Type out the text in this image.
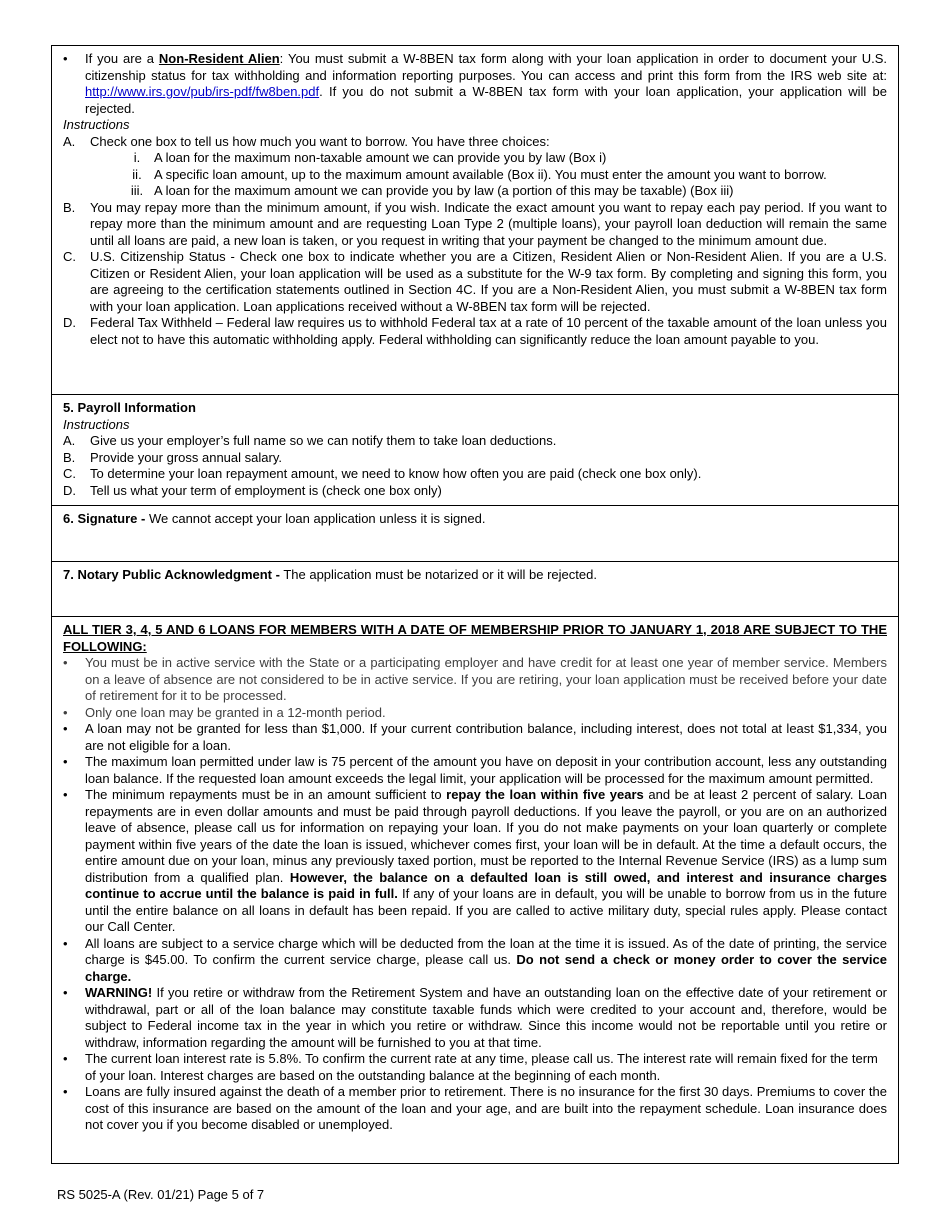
•	If you are a Non-Resident Alien: You must submit a W-8BEN tax form along with your loan application in order to document your U.S. citizenship status for tax withholding and information reporting purposes. You can access and print this form from the IRS web site at: http://www.irs.gov/pub/irs-pdf/fw8ben.pdf. If you do not submit a W-8BEN tax form with your loan application, your application will be rejected.

Instructions

A.	Check one box to tell us how much you want to borrow. You have three choices:

i.	A loan for the maximum non-taxable amount we can provide you by law (Box i)

ii. A specific loan amount, up to the maximum amount available (Box ii). You must enter the amount you want to borrow.

iii. A loan for the maximum amount we can provide you by law (a portion of this may be taxable) (Box iii)

B.	You may repay more than the minimum amount, if you wish. Indicate the exact amount you want to repay each pay period. If you want to repay more than the minimum amount and are requesting Loan Type 2 (multiple loans), your payroll loan deduction will remain the same until all loans are paid, a new loan is taken, or you request in writing that your payment be changed to the minimum amount due.

C.	U.S. Citizenship Status - Check one box to indicate whether you are a Citizen, Resident Alien or Non-Resident Alien. If you are a U.S. Citizen or Resident Alien, your loan application will be used as a substitute for the W-9 tax form. By completing and signing this form, you are agreeing to the certification statements outlined in Section 4C. If you are a Non-Resident Alien, you must submit a W-8BEN tax form with your loan application. Loan applications received without a W-8BEN tax form will be rejected.

D.	Federal Tax Withheld – Federal law requires us to withhold Federal tax at a rate of 10 percent of the taxable amount of the loan unless you elect not to have this automatic withholding apply. Federal withholding can significantly reduce the loan amount payable to you.

5. Payroll Information

Instructions

A.	Give us your employer’s full name so we can notify them to take loan deductions.

B.	Provide your gross annual salary.

C.	To determine your loan repayment amount, we need to know how often you are paid (check one box only).

D.	Tell us what your term of employment is (check one box only)

6. Signature - We cannot accept your loan application unless it is signed.

7. Notary Public Acknowledgment - The application must be notarized or it will be rejected.

ALL TIER 3, 4, 5 AND 6 LOANS FOR MEMBERS WITH A DATE OF MEMBERSHIP PRIOR TO JANUARY 1, 2018 ARE SUBJECT TO THE FOLLOWING:

•	You must be in active service with the State or a participating employer and have credit for at least one year of member service. Members on a leave of absence are not considered to be in active service. If you are retiring, your loan application must be received before your date of retirement for it to be processed.

•	Only one loan may be granted in a 12-month period.

•	A loan may not be granted for less than $1,000. If your current contribution balance, including interest, does not total at least $1,334, you are not eligible for a loan.

•	The maximum loan permitted under law is 75 percent of the amount you have on deposit in your contribution account, less any outstanding loan balance. If the requested loan amount exceeds the legal limit, your application will be processed for the maximum amount permitted.

•	The minimum repayments must be in an amount sufficient to repay the loan within five years and be at least 2 percent of salary. Loan repayments are in even dollar amounts and must be paid through payroll deductions. If you leave the payroll, or you are on an authorized leave of absence, please call us for information on repaying your loan. If you do not make payments on your loan quarterly or complete payment within five years of the date the loan is issued, whichever comes first, your loan will be in default. At the time a default occurs, the entire amount due on your loan, minus any previously taxed portion, must be reported to the Internal Revenue Service (IRS) as a lump sum distribution from a qualified plan. However, the balance on a defaulted loan is still owed, and interest and insurance charges continue to accrue until the balance is paid in full. If any of your loans are in default, you will be unable to borrow from us in the future until the entire balance on all loans in default has been repaid. If you are called to active military duty, special rules apply. Please contact our Call Center.

•	All loans are subject to a service charge which will be deducted from the loan at the time it is issued. As of the date of printing, the service charge is $45.00. To confirm the current service charge, please call us. Do not send a check or money order to cover the service charge.

•	WARNING! If you retire or withdraw from the Retirement System and have an outstanding loan on the effective date of your retirement or withdrawal, part or all of the loan balance may constitute taxable funds which were credited to your account and, therefore, would be subject to Federal income tax in the year in which you retire or withdraw. Since this income would not be reportable until you retire or withdraw, information regarding the amount will be furnished to you at that time.

•	The current loan interest rate is 5.8%. To confirm the current rate at any time, please call us. The interest rate will remain fixed for the term of your loan. Interest charges are based on the outstanding balance at the beginning of each month.

•	Loans are fully insured against the death of a member prior to retirement. There is no insurance for the first 30 days. Premiums to cover the cost of this insurance are based on the amount of the loan and your age, and are built into the repayment schedule. Loan insurance does not cover you if you become disabled or unemployed.

RS 5025-A (Rev. 01/21) Page 5 of 7
